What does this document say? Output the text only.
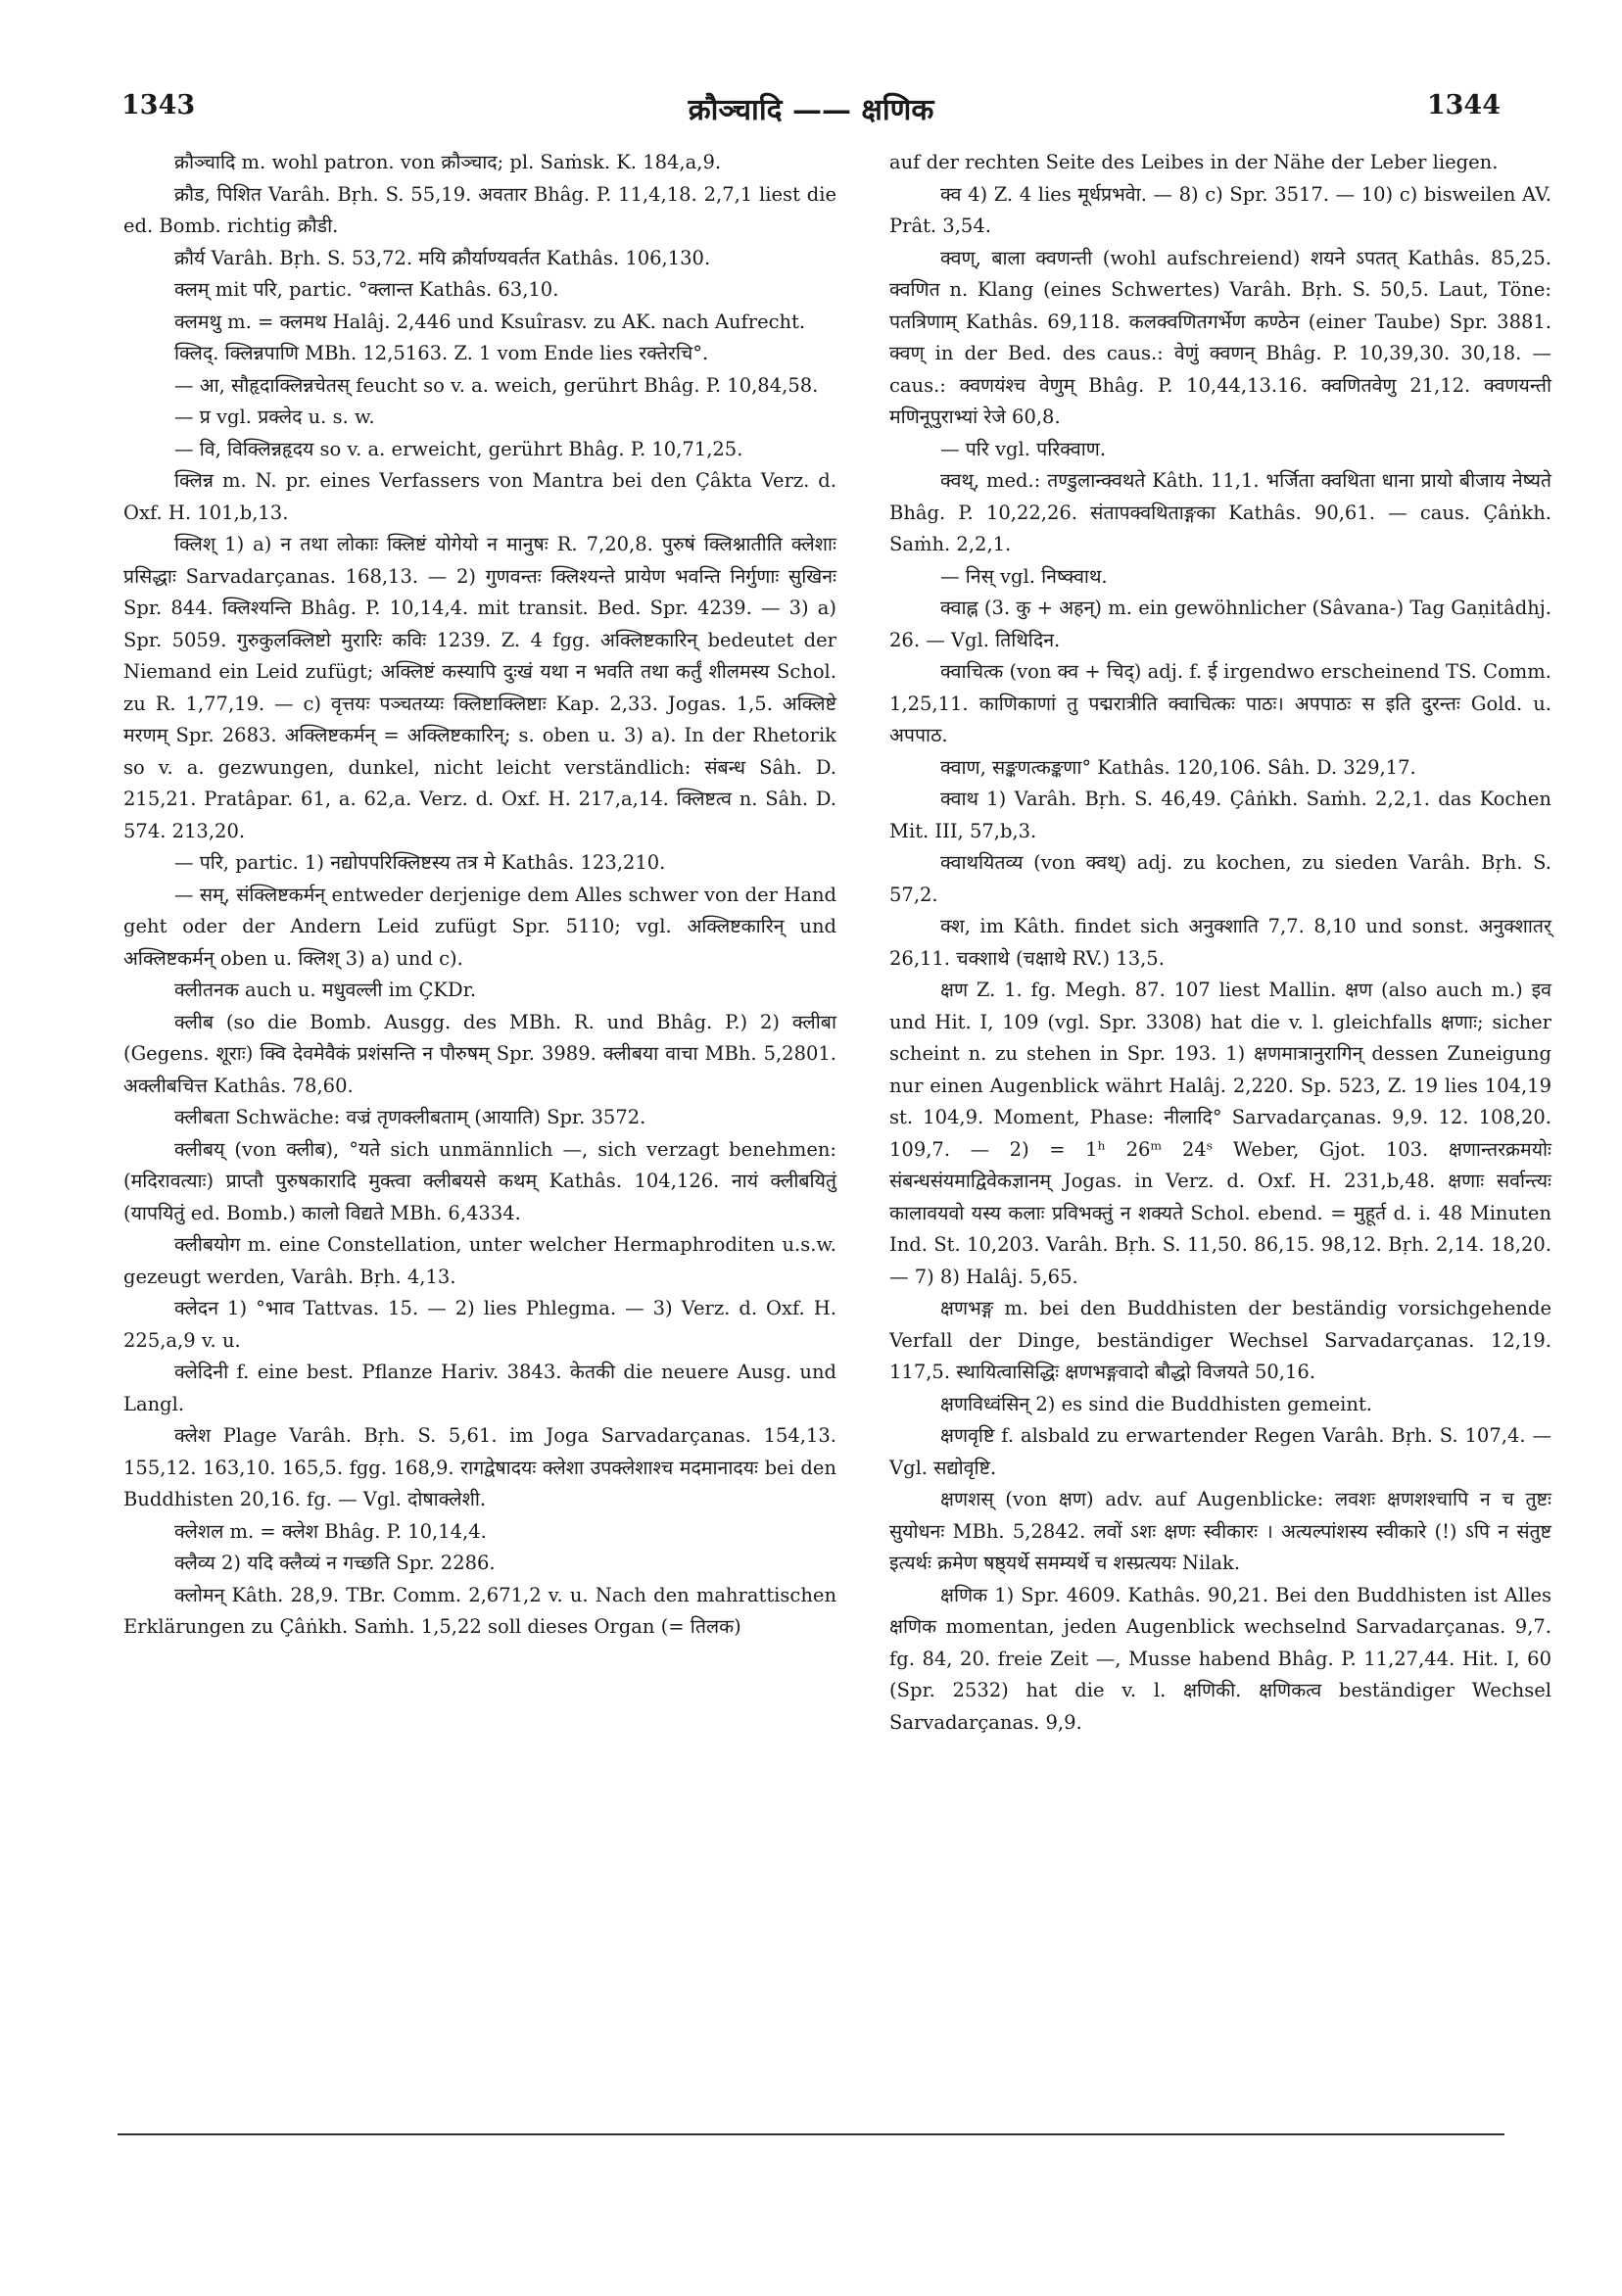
1343	क्रौञ्चादि —— क्षणिक	1344

क्रौञ्चादि m. wohl patron. von क्रौञ्चाद; pl. Saṁsk. K. 184,a,9.

क्रौड, पिशित Varâh. Bṛh. S. 55,19. अवतार Bhâg. P. 11,4,18. 2,7,1 liest die ed. Bomb. richtig क्रौडी.

क्रौर्य Varâh. Bṛh. S. 53,72. मयि क्रौर्याण्यवर्तत Kathâs. 106,130.

क्लम् mit परि, partic. °क्लान्त Kathâs. 63,10.

क्लमथु m. = क्लमथ Halâj. 2,446 und Ksuîrasv. zu AK. nach Aufrecht.

क्लिद्. क्लिन्नपाणि MBh. 12,5163. Z. 1 vom Ende lies रक्तेरचि°.

— आ, सौहृदाक्लिन्नचेतस् feucht so v. a. weich, gerührt Bhâg. P. 10,84,58.

— प्र vgl. प्रक्लेद u. s. w.

— वि, विक्लिन्नहृदय so v. a. erweicht, gerührt Bhâg. P. 10,71,25.

क्लिन्न m. N. pr. eines Verfassers von Mantra bei den Çâkta Verz. d. Oxf. H. 101,b,13.

क्लिश् 1) a) न तथा लोकाः क्लिष्टं योगेयो न मानुषः R. 7,20,8. पुरुषं क्लिश्नातीति क्लेशाः प्रसिद्धाः Sarvadarçanas. 168,13. — 2) गुणवन्तः क्लिश्यन्ते प्रायेण भवन्ति निर्गुणाः सुखिनः Spr. 844. क्लिश्यन्ति Bhâg. P. 10,14,4. mit transit. Bed. Spr. 4239. — 3) a) Spr. 5059. गुरुकुलक्लिष्टो मुरारिः कविः 1239. Z. 4 fgg. अक्लिष्टकारिन् bedeutet der Niemand ein Leid zufügt; अक्लिष्टं कस्यापि दुःखं यथा न भवति तथा कर्तुं शीलमस्य Schol. zu R. 1,77,19. — c) वृत्तयः पञ्चतय्यः क्लिष्टाक्लिष्टाः Kap. 2,33. Jogas. 1,5. अक्लिष्टे मरणम् Spr. 2683. अक्लिष्टकर्मन् = अक्लिष्टकारिन्; s. oben u. 3) a). In der Rhetorik so v. a. gezwungen, dunkel, nicht leicht verständlich: संबन्ध Sâh. D. 215,21. Pratâpar. 61, a. 62,a. Verz. d. Oxf. H. 217,a,14. क्लिष्टत्व n. Sâh. D. 574. 213,20.

— परि, partic. 1) नद्योपपरिक्लिष्टस्य तत्र मे Kathâs. 123,210.

— सम्, संक्लिष्टकर्मन् entweder derjenige dem Alles schwer von der Hand geht oder der Andern Leid zufügt Spr. 5110; vgl. अक्लिष्टकारिन् und अक्लिष्टकर्मन् oben u. क्लिश् 3) a) und c).

क्लीतनक auch u. मधुवल्ली im ÇKDr.

क्लीब (so die Bomb. Ausgg. des MBh. R. und Bhâg. P.) 2) क्लीबा (Gegens. शूराः) क्वि देवमेवैकं प्रशंसन्ति न पौरुषम् Spr. 3989. क्लीबया वाचा MBh. 5,2801. अक्लीबचित्त Kathâs. 78,60.

क्लीबता Schwäche: वज्रं तृणक्लीबताम् (आयाति) Spr. 3572.

क्लीबय् (von क्लीब), °यते sich unmännlich —, sich verzagt benehmen: (मदिरावत्याः) प्राप्तौ पुरुषकारादि मुक्त्वा क्लीबयसे कथम् Kathâs. 104,126. नायं क्लीबयितुं (यापयितुं ed. Bomb.) कालो विद्यते MBh. 6,4334.

क्लीबयोग m. eine Constellation, unter welcher Hermaphroditen u.s.w. gezeugt werden, Varâh. Bṛh. 4,13.

क्लेदन 1) °भाव Tattvas. 15. — 2) lies Phlegma. — 3) Verz. d. Oxf. H. 225,a,9 v. u.

क्लेदिनी f. eine best. Pflanze Hariv. 3843. केतकी die neuere Ausg. und Langl.

क्लेश Plage Varâh. Bṛh. S. 5,61. im Joga Sarvadarçanas. 154,13. 155,12. 163,10. 165,5. fgg. 168,9. रागद्वेषादयः क्लेशा उपक्लेशाश्च मदमानादयः bei den Buddhisten 20,16. fg. — Vgl. दोषाक्लेशी.

क्लेशल m. = क्लेश Bhâg. P. 10,14,4.

क्लैव्य 2) यदि क्लैव्यं न गच्छति Spr. 2286.

क्लोमन् Kâth. 28,9. TBr. Comm. 2,671,2 v. u. Nach den mahrattischen Erklärungen zu Çâṅkh. Saṁh. 1,5,22 soll dieses Organ (= तिलक)

auf der rechten Seite des Leibes in der Nähe der Leber liegen.

क्व 4) Z. 4 lies मूर्धप्रभवेा. — 8) c) Spr. 3517. — 10) c) bisweilen AV. Prât. 3,54.

क्वण्, बाला क्वणन्ती (wohl aufschreiend) शयने ऽपतत् Kathâs. 85,25. क्वणित n. Klang (eines Schwertes) Varâh. Bṛh. S. 50,5. Laut, Töne: पतत्रिणाम् Kathâs. 69,118. कलक्वणितगर्भेण कण्ठेन (einer Taube) Spr. 3881. क्वण् in der Bed. des caus.: वेणुं क्वणन् Bhâg. P. 10,39,30. 30,18. — caus.: क्वणयंश्च वेणुम् Bhâg. P. 10,44,13.16. क्वणितवेणु 21,12. क्वणयन्ती मणिनूपुराभ्यां रेजे 60,8.

— परि vgl. परिक्वाण.

क्वथ्, med.: तण्डुलान्क्वथते Kâth. 11,1. भर्जिता क्वथिता धाना प्रायो बीजाय नेष्यते Bhâg. P. 10,22,26. संतापक्वथिताङ्गका Kathâs. 90,61. — caus. Çâṅkh. Saṁh. 2,2,1.

— निस् vgl. निष्क्वाथ.

क्वाह्न (3. कु + अहन्) m. ein gewöhnlicher (Sâvana-) Tag Gaṇitâdhj. 26. — Vgl. तिथिदिन.

क्वाचित्क (von क्व + चिद्) adj. f. ई irgendwo erscheinend TS. Comm. 1,25,11. काणिकाणां तु पद्मरात्रीति क्वाचित्कः पाठः। अपपाठः स इति दुरन्तः Gold. u. अपपाठ.

क्वाण, सङ्कणत्कङ्कणा° Kathâs. 120,106. Sâh. D. 329,17.

क्वाथ 1) Varâh. Bṛh. S. 46,49. Çâṅkh. Saṁh. 2,2,1. das Kochen Mit. III, 57,b,3.

क्वाथयितव्य (von क्वथ्) adj. zu kochen, zu sieden Varâh. Bṛh. S. 57,2.

क्श, im Kâth. findet sich अनुक्शाति 7,7. 8,10 und sonst. अनुक्शातर् 26,11. चक्शाथे (चक्षाथे RV.) 13,5.

क्षण Z. 1. fg. Megh. 87. 107 liest Mallin. क्षण (also auch m.) इव und Hit. I, 109 (vgl. Spr. 3308) hat die v. l. gleichfalls क्षणाः; sicher scheint n. zu stehen in Spr. 193. 1) क्षणमात्रानुरागिन् dessen Zuneigung nur einen Augenblick währt Halâj. 2,220. Sp. 523, Z. 19 lies 104,19 st. 104,9. Moment, Phase: नीलादि° Sarvadarçanas. 9,9. 12. 108,20. 109,7. — 2) = 1ʰ 26ᵐ 24ˢ Weber, Gjot. 103. क्षणान्तरक्रमयोः संबन्धसंयमाद्विवेकज्ञानम् Jogas. in Verz. d. Oxf. H. 231,b,48. क्षणाः सर्वान्त्यः कालावयवो यस्य कलाः प्रविभक्तुं न शक्यते Schol. ebend. = मुहूर्त d. i. 48 Minuten Ind. St. 10,203. Varâh. Bṛh. S. 11,50. 86,15. 98,12. Bṛh. 2,14. 18,20. — 7) 8) Halâj. 5,65.

क्षणभङ्ग m. bei den Buddhisten der beständig vorsichgehende Verfall der Dinge, beständiger Wechsel Sarvadarçanas. 12,19. 117,5. स्थायित्वासिद्धिः क्षणभङ्गवादो बौद्धो विजयते 50,16.

क्षणविध्वंसिन् 2) es sind die Buddhisten gemeint.

क्षणवृष्टि f. alsbald zu erwartender Regen Varâh. Bṛh. S. 107,4. — Vgl. सद्योवृष्टि.

क्षणशस् (von क्षण) adv. auf Augenblicke: लवशः क्षणशश्चापि न च तुष्टः सुयोधनः MBh. 5,2842. लवों ऽशः क्षणः स्वीकारः । अत्यल्पांशस्य स्वीकारे (!) ऽपि न संतुष्ट इत्यर्थः क्रमेण षष्ठ्यर्थे समम्यर्थे च शस्प्रत्ययः Nilak.

क्षणिक 1) Spr. 4609. Kathâs. 90,21. Bei den Buddhisten ist Alles क्षणिक momentan, jeden Augenblick wechselnd Sarvadarçanas. 9,7. fg. 84, 20. freie Zeit —, Musse habend Bhâg. P. 11,27,44. Hit. I, 60 (Spr. 2532) hat die v. l. क्षणिकी. क्षणिकत्व beständiger Wechsel Sarvadarçanas. 9,9.
